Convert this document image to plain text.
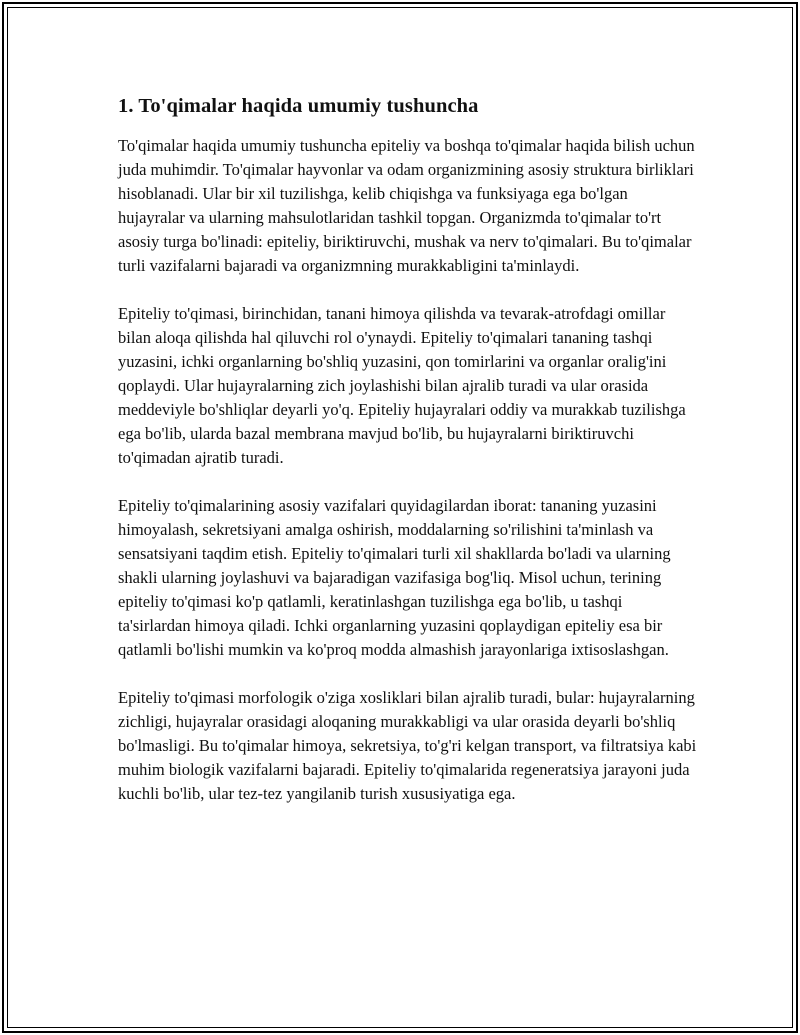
1. To'qimalar haqida umumiy tushuncha

To'qimalar haqida umumiy tushuncha epiteliy va boshqa to'qimalar haqida bilish uchun juda muhimdir. To'qimalar hayvonlar va odam organizmining asosiy struktura birliklari hisoblanadi. Ular bir xil tuzilishga, kelib chiqishga va funksiyaga ega bo'lgan hujayralar va ularning mahsulotlaridan tashkil topgan. Organizmda to'qimalar to'rt asosiy turga bo'linadi: epiteliy, biriktiruvchi, mushak va nerv to'qimalari. Bu to'qimalar turli vazifalarni bajaradi va organizmning murakkabligini ta'minlaydi.

Epiteliy to'qimasi, birinchidan, tanani himoya qilishda va tevarak-atrofdagi omillar bilan aloqa qilishda hal qiluvchi rol o'ynaydi. Epiteliy to'qimalari tananing tashqi yuzasini, ichki organlarning bo'shliq yuzasini, qon tomirlarini va organlar oralig'ini qoplaydi. Ular hujayralarning zich joylashishi bilan ajralib turadi va ular orasida meddeviyle bo'shliqlar deyarli yo'q. Epiteliy hujayralari oddiy va murakkab tuzilishga ega bo'lib, ularda bazal membrana mavjud bo'lib, bu hujayralarni biriktiruvchi to'qimadan ajratib turadi.

Epiteliy to'qimalarining asosiy vazifalari quyidagilardan iborat: tananing yuzasini himoyalash, sekretsiyani amalga oshirish, moddalarning so'rilishini ta'minlash va sensatsiyani taqdim etish. Epiteliy to'qimalari turli xil shakllarda bo'ladi va ularning shakli ularning joylashuvi va bajaradigan vazifasiga bog'liq. Misol uchun, terining epiteliy to'qimasi ko'p qatlamli, keratinlashgan tuzilishga ega bo'lib, u tashqi ta'sirlardan himoya qiladi. Ichki organlarning yuzasini qoplaydigan epiteliy esa bir qatlamli bo'lishi mumkin va ko'proq modda almashish jarayonlariga ixtisoslashgan.

Epiteliy to'qimasi morfologik o'ziga xosliklari bilan ajralib turadi, bular: hujayralarning zichligi, hujayralar orasidagi aloqaning murakkabligi va ular orasida deyarli bo'shliq bo'lmasligi. Bu to'qimalar himoya, sekretsiya, to'g'ri kelgan transport, va filtratsiya kabi muhim biologik vazifalarni bajaradi. Epiteliy to'qimalarida regeneratsiya jarayoni juda kuchli bo'lib, ular tez-tez yangilanib turish xususiyatiga ega.
